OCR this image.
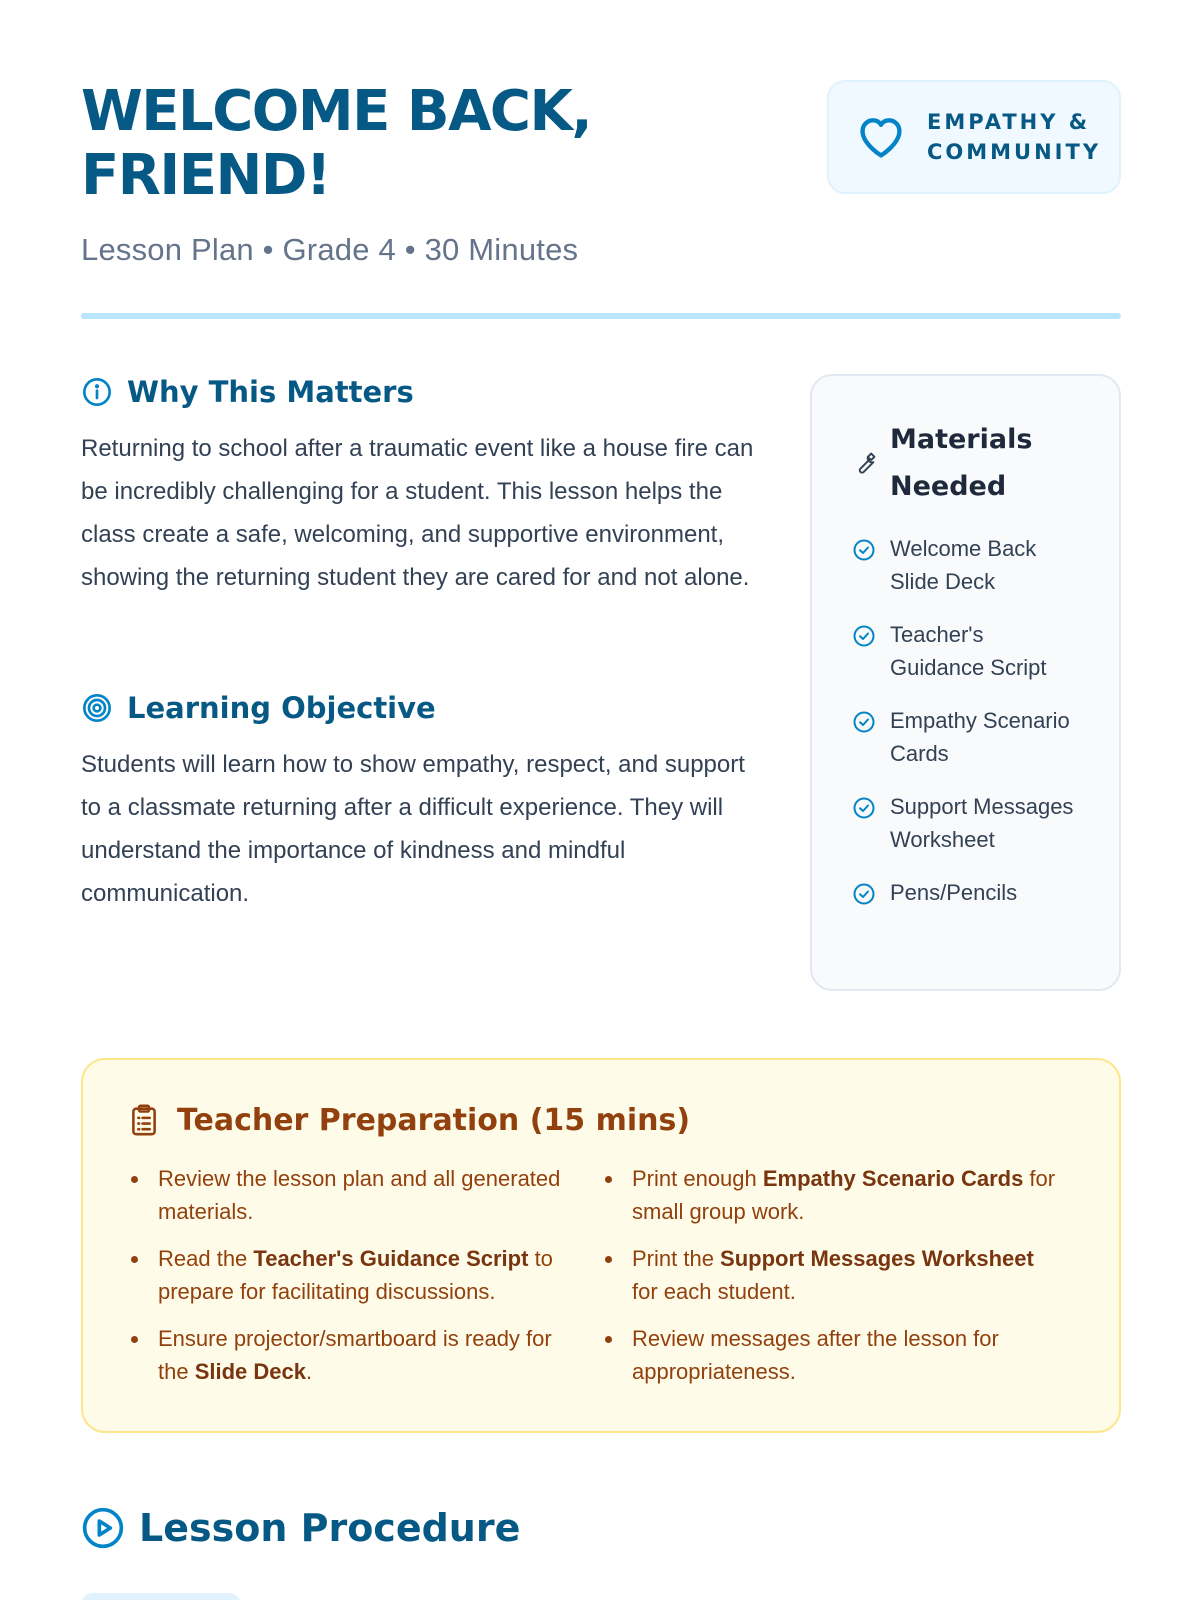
WELCOME BACK, FRIEND!
Lesson Plan • Grade 4 • 30 Minutes
EMPATHY &
COMMUNITY
Why This Matters

Returning to school after a traumatic event like a house fire can be incredibly challenging for a student. This lesson helps the class create a safe, welcoming, and supportive environment, showing the returning student they are cared for and not alone.

Learning Objective

Students will learn how to show empathy, respect, and support to a classmate returning after a difficult experience. They will understand the importance of kindness and mindful communication.

Materials Needed
Welcome Back Slide Deck
Teacher's Guidance Script
Empathy Scenario Cards
Support Messages Worksheet
Pens/Pencils
Teacher Preparation (15 mins)
Review the lesson plan and all generated materials.
Read the Teacher's Guidance Script to prepare for facilitating discussions.
Ensure projector/smartboard is ready for the Slide Deck.
Print enough Empathy Scenario Cards for small group work.
Print the Support Messages Worksheet for each student.
Review messages after the lesson for appropriateness.
Lesson Procedure
